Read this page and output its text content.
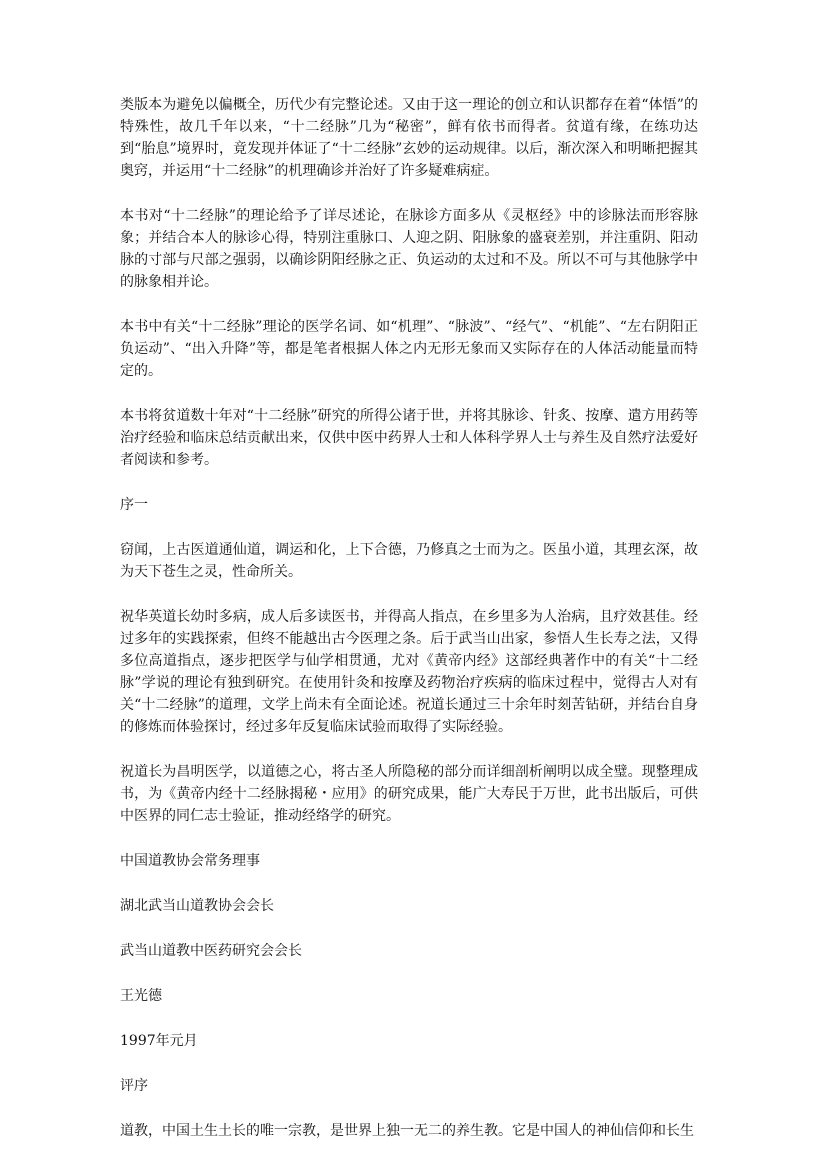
类版本为避免以偏概全，历代少有完整论述。又由于这一理论的创立和认识都存在着“体悟”的特殊性，故几千年以来，“十二经脉”几为“秘密”，鲜有依书而得者。贫道有缘，在练功达到“胎息”境界时，竟发现并体证了“十二经脉”玄妙的运动规律。以后，渐次深入和明晰把握其奥窍，并运用“十二经脉”的机理确诊并治好了许多疑难病症。

本书对“十二经脉”的理论给予了详尽述论，在脉诊方面多从《灵枢经》中的诊脉法而形容脉象；并结合本人的脉诊心得，特别注重脉口、人迎之阴、阳脉象的盛衰差别，并注重阴、阳动脉的寸部与尺部之强弱，以确诊阴阳经脉之正、负运动的太过和不及。所以不可与其他脉学中的脉象相并论。

本书中有关“十二经脉”理论的医学名词、如“机理”、“脉波”、“经气”、“机能”、“左右阴阳正负运动”、“出入升降”等，都是笔者根据人体之内无形无象而又实际存在的人体活动能量而特定的。

本书将贫道数十年对“十二经脉”研究的所得公诸于世，并将其脉诊、针炙、按摩、遣方用药等治疗经验和临床总结贡献出来，仅供中医中药界人士和人体科学界人士与养生及自然疗法爱好者阅读和参考。

序一

窃闻，上古医道通仙道，调运和化，上下合德，乃修真之士而为之。医虽小道，其理玄深，故为天下苍生之灵，性命所关。

祝华英道长幼时多病，成人后多读医书，并得高人指点，在乡里多为人治病，且疗效甚佳。经过多年的实践探索，但终不能越出古今医理之条。后于武当山出家，参悟人生长寿之法，又得多位高道指点，逐步把医学与仙学相贯通，尤对《黄帝内经》这部经典著作中的有关“十二经脉”学说的理论有独到研究。在使用针灸和按摩及药物治疗疾病的临床过程中，觉得古人对有关“十二经脉”的道理，文学上尚未有全面论述。祝道长通过三十余年时刻苦钻研，并结台自身的修炼而体验探讨，经过多年反复临床试验而取得了实际经验。

祝道长为昌明医学，以道德之心，将古圣人所隐秘的部分而详细剖析阐明以成全璧。现整理成书，为《黄帝内经十二经脉揭秘・应用》的研究成果，能广大寿民于万世，此书出版后，可供中医界的同仁志士验证，推动经络学的研究。

中国道教协会常务理事

湖北武当山道教协会会长

武当山道教中医药研究会会长

王光德

1997年元月

评序

道教，中国土生土长的唯一宗教，是世界上独一无二的养生教。它是中国人的神仙信仰和长生
